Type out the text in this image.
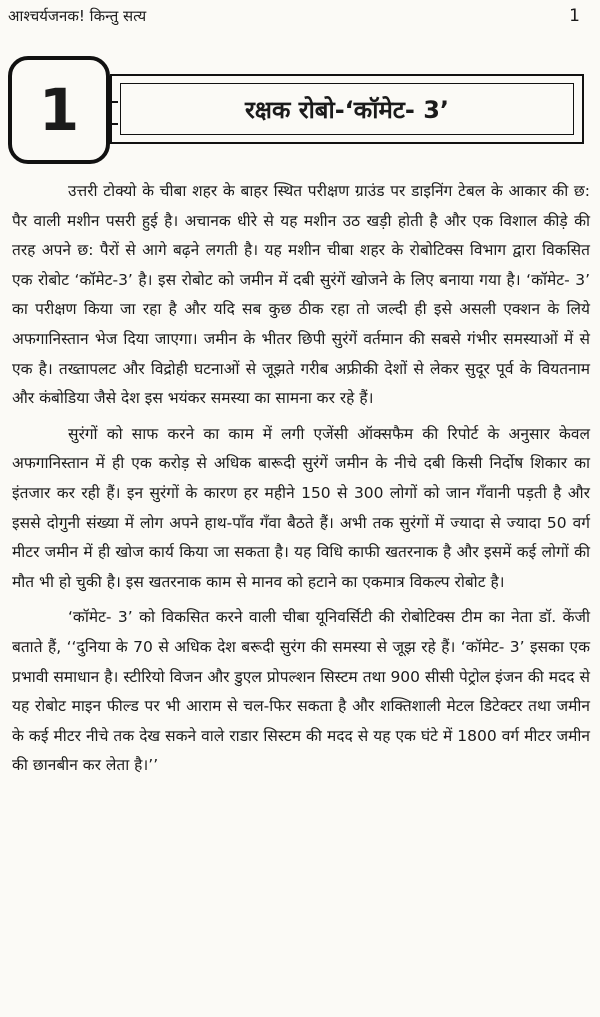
आश्चर्यजनक! किन्तु सत्य	1
1	रक्षक रोबो-‘कॉमेट- 3’

उत्तरी टोक्यो के चीबा शहर के बाहर स्थित परीक्षण ग्राउंड पर डाइनिंग टेबल के आकार की छ: पैर वाली मशीन पसरी हुई है। अचानक धीरे से यह मशीन उठ खड़ी होती है और एक विशाल कीड़े की तरह अपने छ: पैरों से आगे बढ़ने लगती है। यह मशीन चीबा शहर के रोबोटिक्स विभाग द्वारा विकसित एक रोबोट ‘कॉमेट-3’ है। इस रोबोट को जमीन में दबी सुरंगें खोजने के लिए बनाया गया है। ‘कॉमेट- 3’ का परीक्षण किया जा रहा है और यदि सब कुछ ठीक रहा तो जल्दी ही इसे असली एक्शन के लिये अफगानिस्तान भेज दिया जाएगा। जमीन के भीतर छिपी सुरंगें वर्तमान की सबसे गंभीर समस्याओं में से एक है। तख्तापलट और विद्रोही घटनाओं से जूझते गरीब अफ्रीकी देशों से लेकर सुदूर पूर्व के वियतनाम और कंबोडिया जैसे देश इस भयंकर समस्या का सामना कर रहे हैं।

सुरंगों को साफ करने का काम में लगी एजेंसी ऑक्सफैम की रिपोर्ट के अनुसार केवल अफगानिस्तान में ही एक करोड़ से अधिक बारूदी सुरंगें जमीन के नीचे दबी किसी निर्दोष शिकार का इंतजार कर रही हैं। इन सुरंगों के कारण हर महीने 150 से 300 लोगों को जान गँवानी पड़ती है और इससे दोगुनी संख्या में लोग अपने हाथ-पाँव गँवा बैठते हैं। अभी तक सुरंगों में ज्यादा से ज्यादा 50 वर्ग मीटर जमीन में ही खोज कार्य किया जा सकता है। यह विधि काफी खतरनाक है और इसमें कई लोगों की मौत भी हो चुकी है। इस खतरनाक काम से मानव को हटाने का एकमात्र विकल्प रोबोट है।

‘कॉमेट- 3’ को विकसित करने वाली चीबा यूनिवर्सिटी की रोबोटिक्स टीम का नेता डॉ. केंजी बताते हैं, ‘‘दुनिया के 70 से अधिक देश बरूदी सुरंग की समस्या से जूझ रहे हैं। ‘कॉमेट- 3’ इसका एक प्रभावी समाधान है। स्टीरियो विजन और डुएल प्रोपल्शन सिस्टम तथा 900 सीसी पेट्रोल इंजन की मदद से यह रोबोट माइन फील्ड पर भी आराम से चल-फिर सकता है और शक्तिशाली मेटल डिटेक्टर तथा जमीन के कई मीटर नीचे तक देख सकने वाले राडार सिस्टम की मदद से यह एक घंटे में 1800 वर्ग मीटर जमीन की छानबीन कर लेता है।’’
